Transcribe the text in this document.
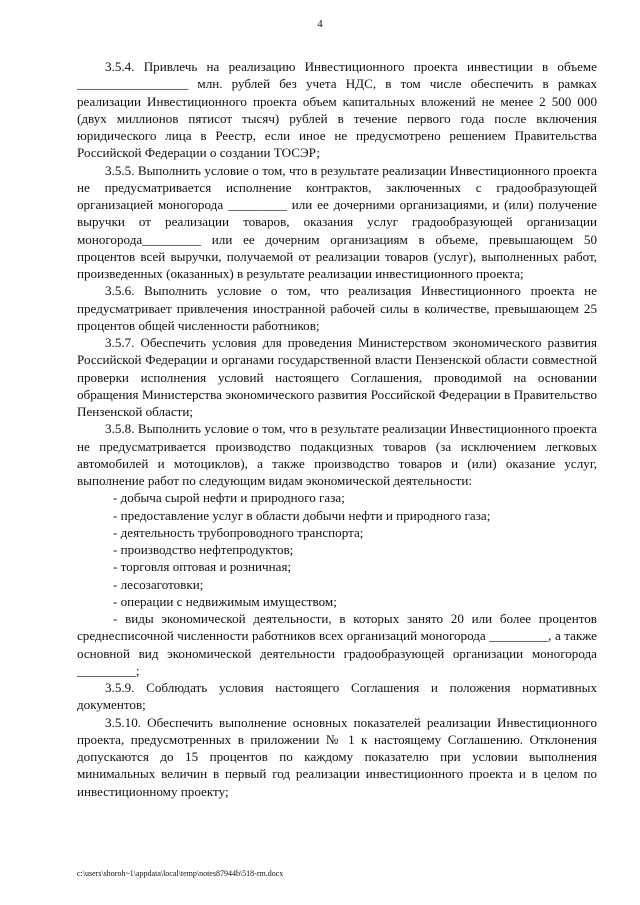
4

3.5.4. Привлечь на реализацию Инвестиционного проекта инвестиции в объеме _________________ млн. рублей без учета НДС, в том числе обеспечить в рамках реализации Инвестиционного проекта объем капитальных вложений не менее 2 500 000 (двух миллионов пятисот тысяч) рублей в течение первого года после включения юридического лица в Реестр, если иное не предусмотрено решением Правительства Российской Федерации о создании ТОСЭР;

3.5.5. Выполнить условие о том, что в результате реализации Инвестиционного проекта не предусматривается исполнение контрактов, заключенных с градообразующей организацией моногорода _________ или ее дочерними организациями, и (или) получение выручки от реализации товаров, оказания услуг градообразующей организации моногорода_________ или ее дочерним организациям в объеме, превышающем 50 процентов всей выручки, получаемой от реализации товаров (услуг), выполненных работ, произведенных (оказанных) в результате реализации инвестиционного проекта;

3.5.6. Выполнить условие о том, что реализация Инвестиционного проекта не предусматривает привлечения иностранной рабочей силы в количестве, превышающем 25 процентов общей численности работников;

3.5.7. Обеспечить условия для проведения Министерством экономического развития Российской Федерации и органами государственной власти Пензенской области совместной проверки исполнения условий настоящего Соглашения, проводимой на основании обращения Министерства экономического развития Российской Федерации в Правительство Пензенской области;

3.5.8. Выполнить условие о том, что в результате реализации Инвестиционного проекта не предусматривается производство подакцизных товаров (за исключением легковых автомобилей и мотоциклов), а также производство товаров и (или) оказание услуг, выполнение работ по следующим видам экономической деятельности:

- добыча сырой нефти и природного газа;

- предоставление услуг в области добычи нефти и природного газа;

- деятельность трубопроводного транспорта;

- производство нефтепродуктов;

- торговля оптовая и розничная;

- лесозаготовки;

- операции с недвижимым имуществом;

- виды экономической деятельности, в которых занято 20 или более процентов среднесписочной численности работников всех организаций моногорода _________, а также основной вид экономической деятельности градообразующей организации моногорода _________;

3.5.9. Соблюдать условия настоящего Соглашения и положения нормативных документов;

3.5.10. Обеспечить выполнение основных показателей реализации Инвестиционного проекта, предусмотренных в приложении № 1 к настоящему Соглашению. Отклонения допускаются до 15 процентов по каждому показателю при условии выполнения минимальных величин в первый год реализации инвестиционного проекта и в целом по инвестиционному проекту;

c:\users\shoroh~1\appdata\local\temp\notes87944b\518-rm.docx
